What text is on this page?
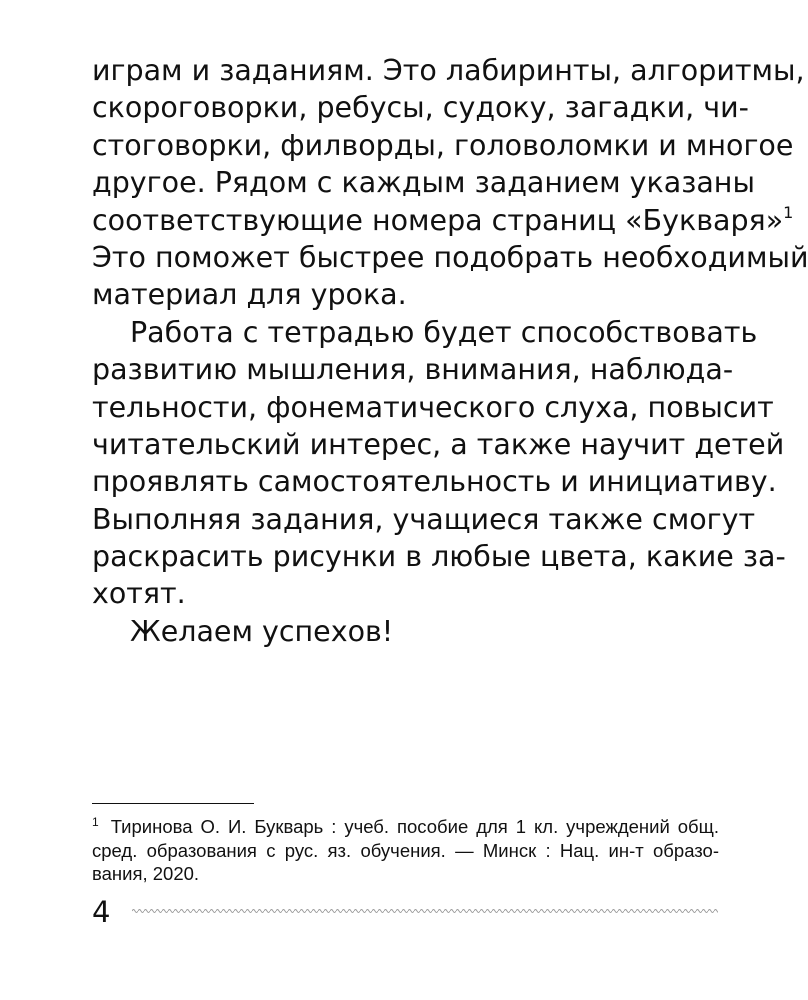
играм и заданиям. Это лабиринты, алгоритмы,
скороговорки, ребусы, судоку, загадки, чи-
стоговорки, филворды, головоломки и многое
другое. Рядом с каждым заданием указаны
соответствующие номера страниц «Букваря»$^1$
Это поможет быстрее подобрать необходимый
материал для урока.
Работа с тетрадью будет способствовать
развитию мышления, внимания, наблюда-
тельности, фонематического слуха, повысит
читательский интерес, а также научит детей
проявлять самостоятельность и инициативу.
Выполняя задания, учащиеся также смогут
раскрасить рисунки в любые цвета, какие за-
хотят.
Желаем успехов!
$^1$ Тиринова О. И. Букварь : учеб. пособие для 1 кл. учреждений общ.
сред. образования с рус. яз. обучения. — Минск : Нац. ин-т образо-
вания, 2020.
4
